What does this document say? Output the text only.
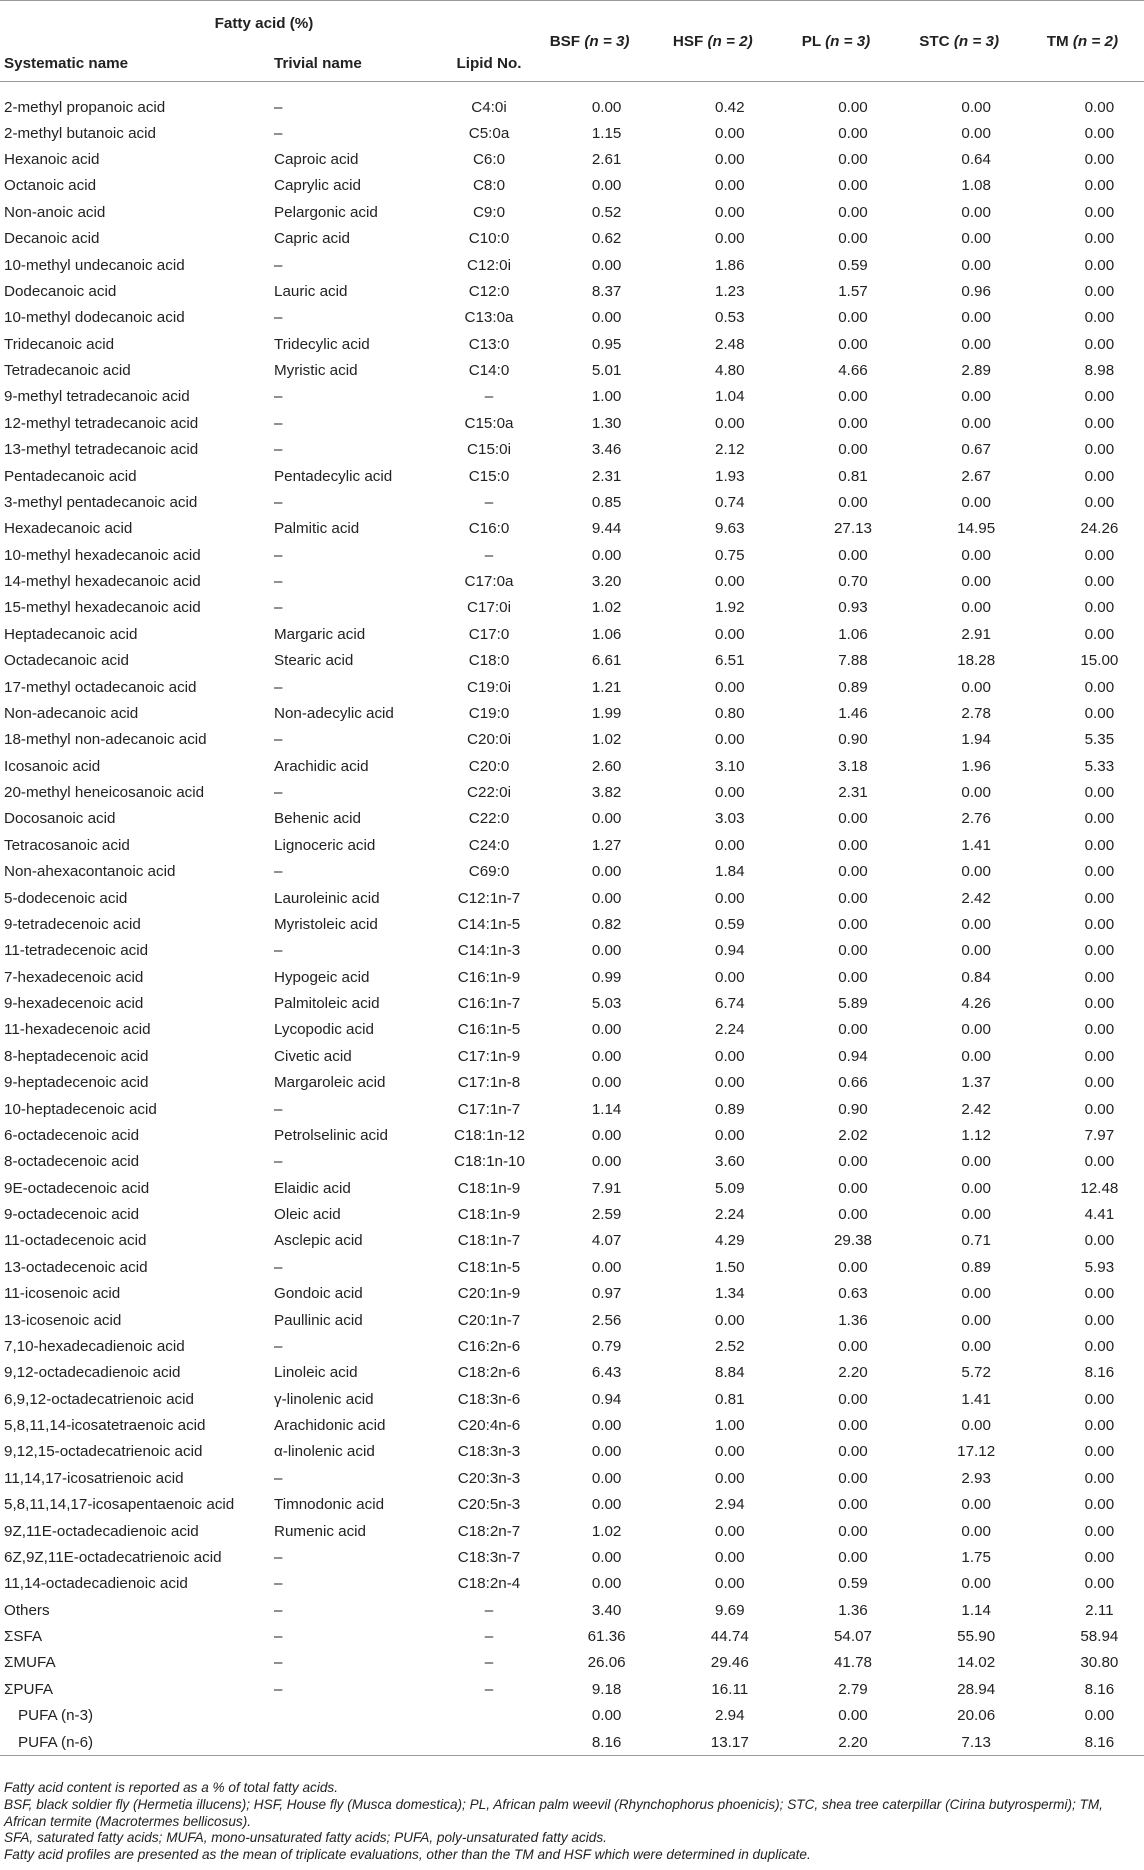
Fatty acid (%)			BSF (n = 3)	HSF (n = 2)	PL (n = 3)	STC (n = 3)	TM (n = 2)
Systematic name	Trivial name	Lipid No.					
2-methyl propanoic acid	–	C4:0i	0.00	0.42	0.00	0.00	0.00
2-methyl butanoic acid	–	C5:0a	1.15	0.00	0.00	0.00	0.00
Hexanoic acid	Caproic acid	C6:0	2.61	0.00	0.00	0.64	0.00
Octanoic acid	Caprylic acid	C8:0	0.00	0.00	0.00	1.08	0.00
Non-anoic acid	Pelargonic acid	C9:0	0.52	0.00	0.00	0.00	0.00
Decanoic acid	Capric acid	C10:0	0.62	0.00	0.00	0.00	0.00
10-methyl undecanoic acid	–	C12:0i	0.00	1.86	0.59	0.00	0.00
Dodecanoic acid	Lauric acid	C12:0	8.37	1.23	1.57	0.96	0.00
10-methyl dodecanoic acid	–	C13:0a	0.00	0.53	0.00	0.00	0.00
Tridecanoic acid	Tridecylic acid	C13:0	0.95	2.48	0.00	0.00	0.00
Tetradecanoic acid	Myristic acid	C14:0	5.01	4.80	4.66	2.89	8.98
9-methyl tetradecanoic acid	–	–	1.00	1.04	0.00	0.00	0.00
12-methyl tetradecanoic acid	–	C15:0a	1.30	0.00	0.00	0.00	0.00
13-methyl tetradecanoic acid	–	C15:0i	3.46	2.12	0.00	0.67	0.00
Pentadecanoic acid	Pentadecylic acid	C15:0	2.31	1.93	0.81	2.67	0.00
3-methyl pentadecanoic acid	–	–	0.85	0.74	0.00	0.00	0.00
Hexadecanoic acid	Palmitic acid	C16:0	9.44	9.63	27.13	14.95	24.26
10-methyl hexadecanoic acid	–	–	0.00	0.75	0.00	0.00	0.00
14-methyl hexadecanoic acid	–	C17:0a	3.20	0.00	0.70	0.00	0.00
15-methyl hexadecanoic acid	–	C17:0i	1.02	1.92	0.93	0.00	0.00
Heptadecanoic acid	Margaric acid	C17:0	1.06	0.00	1.06	2.91	0.00
Octadecanoic acid	Stearic acid	C18:0	6.61	6.51	7.88	18.28	15.00
17-methyl octadecanoic acid	–	C19:0i	1.21	0.00	0.89	0.00	0.00
Non-adecanoic acid	Non-adecylic acid	C19:0	1.99	0.80	1.46	2.78	0.00
18-methyl non-adecanoic acid	–	C20:0i	1.02	0.00	0.90	1.94	5.35
Icosanoic acid	Arachidic acid	C20:0	2.60	3.10	3.18	1.96	5.33
20-methyl heneicosanoic acid	–	C22:0i	3.82	0.00	2.31	0.00	0.00
Docosanoic acid	Behenic acid	C22:0	0.00	3.03	0.00	2.76	0.00
Tetracosanoic acid	Lignoceric acid	C24:0	1.27	0.00	0.00	1.41	0.00
Non-ahexacontanoic acid	–	C69:0	0.00	1.84	0.00	0.00	0.00
5-dodecenoic acid	Lauroleinic acid	C12:1n-7	0.00	0.00	0.00	2.42	0.00
9-tetradecenoic acid	Myristoleic acid	C14:1n-5	0.82	0.59	0.00	0.00	0.00
11-tetradecenoic acid	–	C14:1n-3	0.00	0.94	0.00	0.00	0.00
7-hexadecenoic acid	Hypogeic acid	C16:1n-9	0.99	0.00	0.00	0.84	0.00
9-hexadecenoic acid	Palmitoleic acid	C16:1n-7	5.03	6.74	5.89	4.26	0.00
11-hexadecenoic acid	Lycopodic acid	C16:1n-5	0.00	2.24	0.00	0.00	0.00
8-heptadecenoic acid	Civetic acid	C17:1n-9	0.00	0.00	0.94	0.00	0.00
9-heptadecenoic acid	Margaroleic acid	C17:1n-8	0.00	0.00	0.66	1.37	0.00
10-heptadecenoic acid	–	C17:1n-7	1.14	0.89	0.90	2.42	0.00
6-octadecenoic acid	Petrolselinic acid	C18:1n-12	0.00	0.00	2.02	1.12	7.97
8-octadecenoic acid	–	C18:1n-10	0.00	3.60	0.00	0.00	0.00
9E-octadecenoic acid	Elaidic acid	C18:1n-9	7.91	5.09	0.00	0.00	12.48
9-octadecenoic acid	Oleic acid	C18:1n-9	2.59	2.24	0.00	0.00	4.41
11-octadecenoic acid	Asclepic acid	C18:1n-7	4.07	4.29	29.38	0.71	0.00
13-octadecenoic acid	–	C18:1n-5	0.00	1.50	0.00	0.89	5.93
11-icosenoic acid	Gondoic acid	C20:1n-9	0.97	1.34	0.63	0.00	0.00
13-icosenoic acid	Paullinic acid	C20:1n-7	2.56	0.00	1.36	0.00	0.00
7,10-hexadecadienoic acid	–	C16:2n-6	0.79	2.52	0.00	0.00	0.00
9,12-octadecadienoic acid	Linoleic acid	C18:2n-6	6.43	8.84	2.20	5.72	8.16
6,9,12-octadecatrienoic acid	γ-linolenic acid	C18:3n-6	0.94	0.81	0.00	1.41	0.00
5,8,11,14-icosatetraenoic acid	Arachidonic acid	C20:4n-6	0.00	1.00	0.00	0.00	0.00
9,12,15-octadecatrienoic acid	α-linolenic acid	C18:3n-3	0.00	0.00	0.00	17.12	0.00
11,14,17-icosatrienoic acid	–	C20:3n-3	0.00	0.00	0.00	2.93	0.00
5,8,11,14,17-icosapentaenoic acid	Timnodonic acid	C20:5n-3	0.00	2.94	0.00	0.00	0.00
9Z,11E-octadecadienoic acid	Rumenic acid	C18:2n-7	1.02	0.00	0.00	0.00	0.00
6Z,9Z,11E-octadecatrienoic acid	–	C18:3n-7	0.00	0.00	0.00	1.75	0.00
11,14-octadecadienoic acid	–	C18:2n-4	0.00	0.00	0.59	0.00	0.00
Others	–	–	3.40	9.69	1.36	1.14	2.11
ΣSFA	–	–	61.36	44.74	54.07	55.90	58.94
ΣMUFA	–	–	26.06	29.46	41.78	14.02	30.80
ΣPUFA	–	–	9.18	16.11	2.79	28.94	8.16
PUFA (n-3)			0.00	2.94	0.00	20.06	0.00
PUFA (n-6)			8.16	13.17	2.20	7.13	8.16

Fatty acid content is reported as a % of total fatty acids.

BSF, black soldier fly (Hermetia illucens); HSF, House fly (Musca domestica); PL, African palm weevil (Rhynchophorus phoenicis); STC, shea tree caterpillar (Cirina butyrospermi); TM, African termite (Macrotermes bellicosus).

SFA, saturated fatty acids; MUFA, mono-unsaturated fatty acids; PUFA, poly-unsaturated fatty acids.

Fatty acid profiles are presented as the mean of triplicate evaluations, other than the TM and HSF which were determined in duplicate.
